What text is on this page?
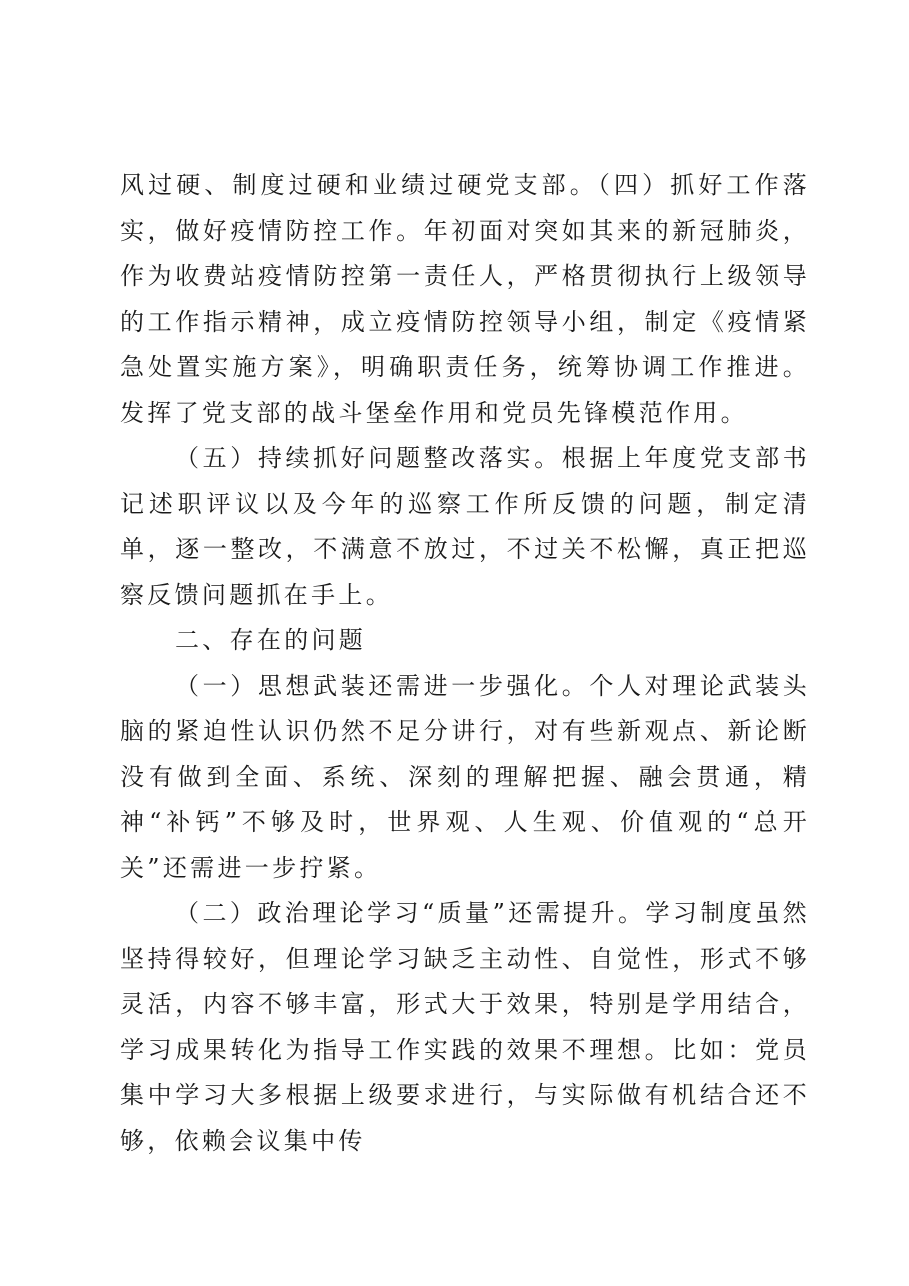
风过硬、制度过硬和业绩过硬党支部。（四）抓好工作落实，做好疫情防控工作。年初面对突如其来的新冠肺炎，作为收费站疫情防控第一责任人，严格贯彻执行上级领导的工作指示精神，成立疫情防控领导小组，制定《疫情紧急处置实施方案》，明确职责任务，统筹协调工作推进。发挥了党支部的战斗堡垒作用和党员先锋模范作用。

（五）持续抓好问题整改落实。根据上年度党支部书记述职评议以及今年的巡察工作所反馈的问题，制定清单，逐一整改，不满意不放过，不过关不松懈，真正把巡察反馈问题抓在手上。

二、存在的问题

（一）思想武装还需进一步强化。个人对理论武装头脑的紧迫性认识仍然不足分讲行，对有些新观点、新论断没有做到全面、系统、深刻的理解把握、融会贯通，精神“补钙”不够及时，世界观、人生观、价值观的“总开关”还需进一步拧紧。

（二）政治理论学习“质量”还需提升。学习制度虽然坚持得较好，但理论学习缺乏主动性、自觉性，形式不够灵活，内容不够丰富，形式大于效果，特别是学用结合，学习成果转化为指导工作实践的效果不理想。比如：党员集中学习大多根据上级要求进行，与实际做有机结合还不够，依赖会议集中传
